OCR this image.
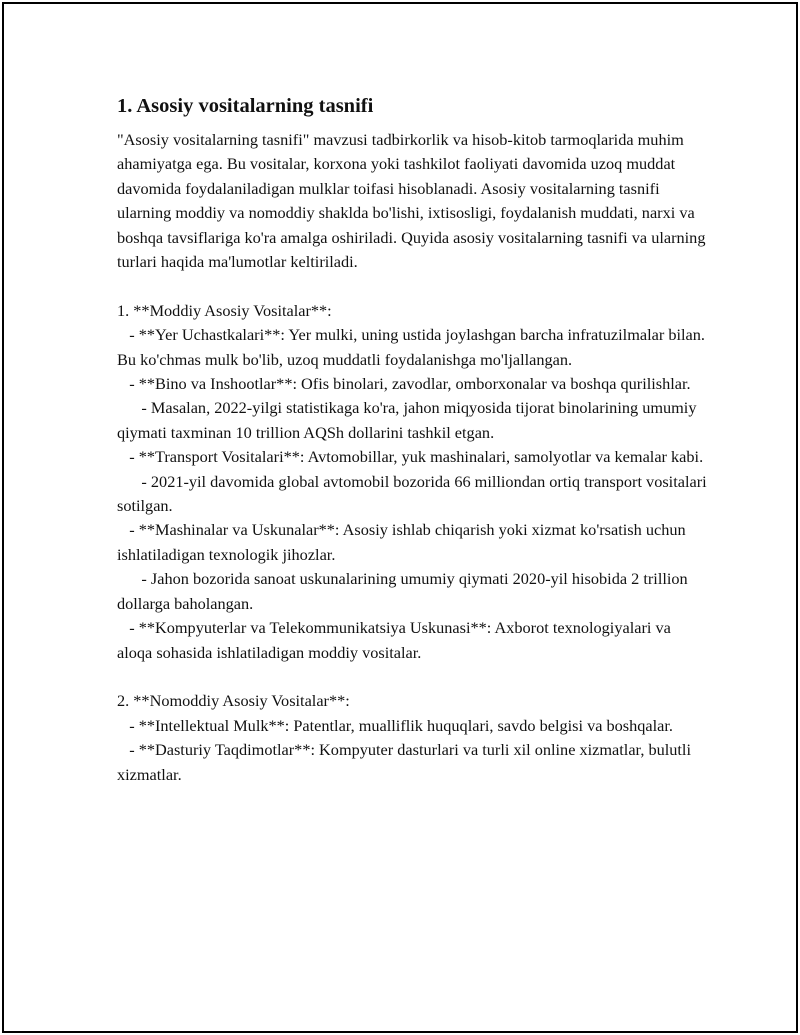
1. Asosiy vositalarning tasnifi

"Asosiy vositalarning tasnifi" mavzusi tadbirkorlik va hisob-kitob tarmoqlarida muhim ahamiyatga ega. Bu vositalar, korxona yoki tashkilot faoliyati davomida uzoq muddat davomida foydalaniladigan mulklar toifasi hisoblanadi. Asosiy vositalarning tasnifi ularning moddiy va nomoddiy shaklda bo'lishi, ixtisosligi, foydalanish muddati, narxi va boshqa tavsiflariga ko'ra amalga oshiriladi. Quyida asosiy vositalarning tasnifi va ularning turlari haqida ma'lumotlar keltiriladi.

1. **Moddiy Asosiy Vositalar**:
- **Yer Uchastkalari**: Yer mulki, uning ustida joylashgan barcha infratuzilmalar bilan. Bu ko'chmas mulk bo'lib, uzoq muddatli foydalanishga mo'ljallangan.
- **Bino va Inshootlar**: Ofis binolari, zavodlar, omborxonalar va boshqa qurilishlar.
- Masalan, 2022-yilgi statistikaga ko'ra, jahon miqyosida tijorat binolarining umumiy qiymati taxminan 10 trillion AQSh dollarini tashkil etgan.
- **Transport Vositalari**: Avtomobillar, yuk mashinalari, samolyotlar va kemalar kabi.
- 2021-yil davomida global avtomobil bozorida 66 milliondan ortiq transport vositalari sotilgan.
- **Mashinalar va Uskunalar**: Asosiy ishlab chiqarish yoki xizmat ko'rsatish uchun ishlatiladigan texnologik jihozlar.
- Jahon bozorida sanoat uskunalarining umumiy qiymati 2020-yil hisobida 2 trillion dollarga baholangan.
- **Kompyuterlar va Telekommunikatsiya Uskunasi**: Axborot texnologiyalari va aloqa sohasida ishlatiladigan moddiy vositalar.
2. **Nomoddiy Asosiy Vositalar**:
- **Intellektual Mulk**: Patentlar, mualliflik huquqlari, savdo belgisi va boshqalar.
- **Dasturiy Taqdimotlar**: Kompyuter dasturlari va turli xil online xizmatlar, bulutli xizmatlar.
